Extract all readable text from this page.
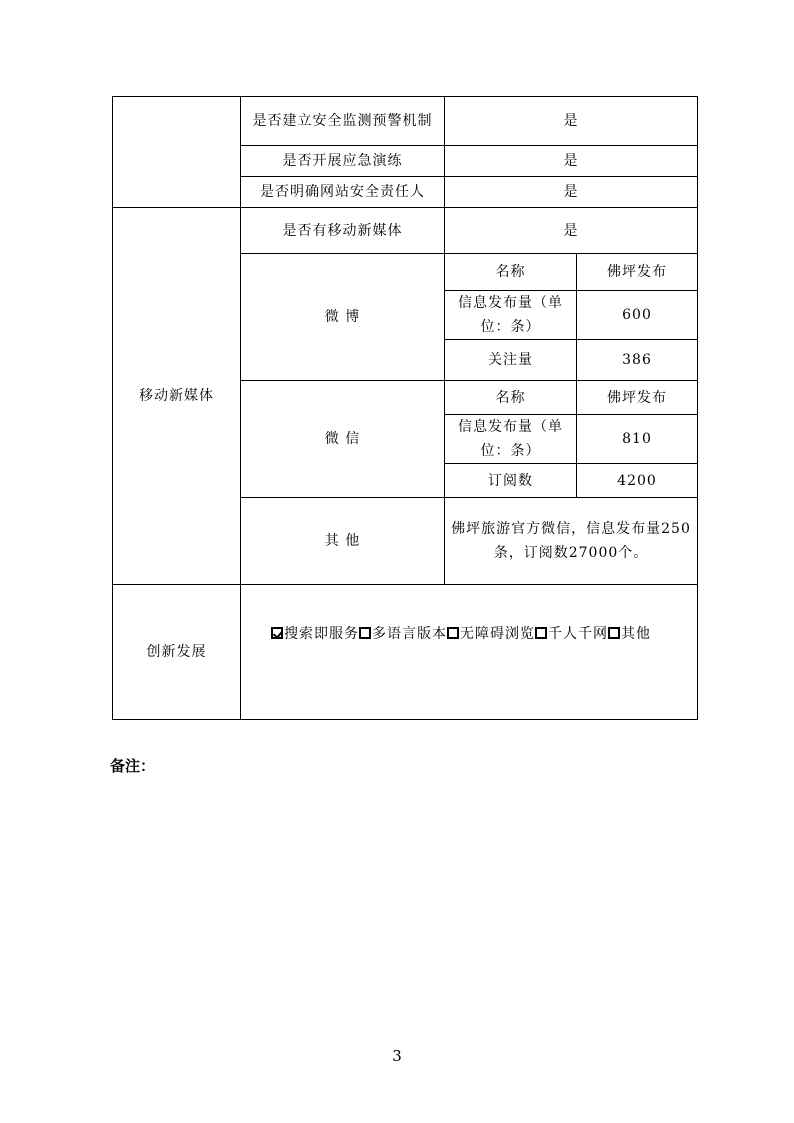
	是否建立安全监测预警机制	是	
	是否开展应急演练	是	
	是否明确网站安全责任人	是	
移动新媒体	是否有移动新媒体	是	
	微 博	名称	佛坪发布
		信息发布量（单位：条）	600
		关注量	386
	微 信	名称	佛坪发布
		信息发布量（单位：条）	810
		订阅数	4200
	其 他	佛坪旅游官方微信，信息发布量250条，订阅数27000个。	
创新发展	搜索即服务 多语言版本 无障碍浏览 千人千网 其他		
备注：
3
